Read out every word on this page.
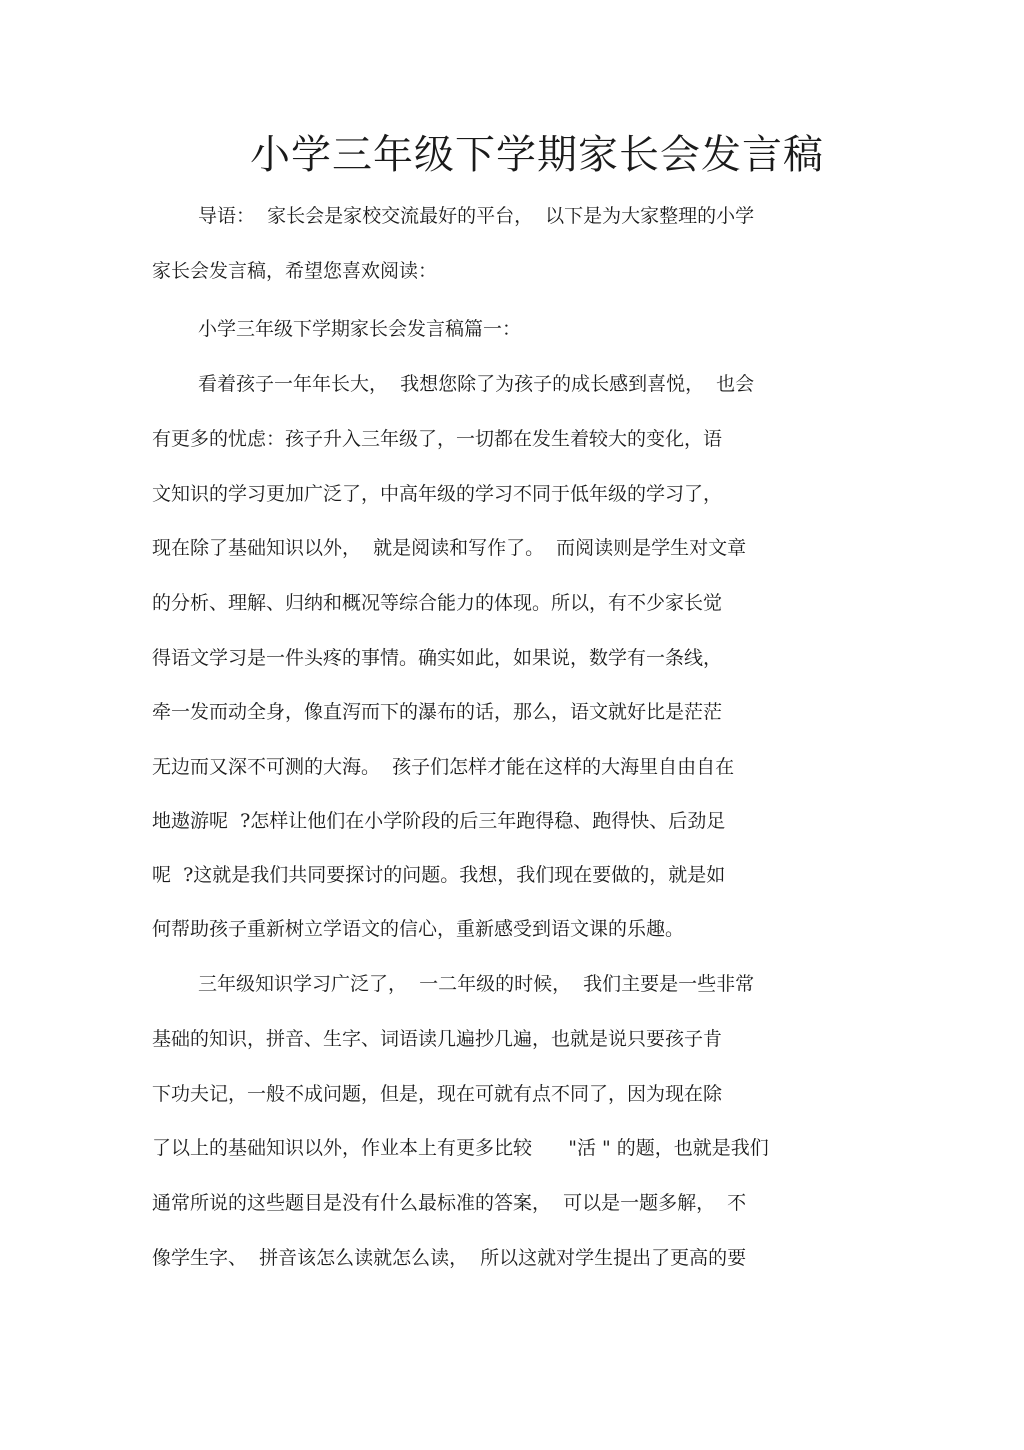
小学三年级下学期家长会发言稿

导语：  家长会是家校交流最好的平台，  以下是为大家整理的小学

家长会发言稿，希望您喜欢阅读：

小学三年级下学期家长会发言稿篇一：

看着孩子一年年长大，  我想您除了为孩子的成长感到喜悦，  也会

有更多的忧虑：孩子升入三年级了，一切都在发生着较大的变化，语

文知识的学习更加广泛了，中高年级的学习不同于低年级的学习了，

现在除了基础知识以外，  就是阅读和写作了。  而阅读则是学生对文章

的分析、理解、归纳和概况等综合能力的体现。所以，有不少家长觉

得语文学习是一件头疼的事情。确实如此，如果说，数学有一条线，

牵一发而动全身，像直泻而下的瀑布的话，那么，语文就好比是茫茫

无边而又深不可测的大海。  孩子们怎样才能在这样的大海里自由自在

地遨游呢  ?怎样让他们在小学阶段的后三年跑得稳、跑得快、后劲足

呢  ?这就是我们共同要探讨的问题。我想，我们现在要做的，就是如

何帮助孩子重新树立学语文的信心，重新感受到语文课的乐趣。

三年级知识学习广泛了，  一二年级的时候，  我们主要是一些非常

基础的知识，拼音、生字、词语读几遍抄几遍，也就是说只要孩子肯

下功夫记，一般不成问题，但是，现在可就有点不同了，因为现在除

了以上的基础知识以外，作业本上有更多比较      "活 " 的题，也就是我们

通常所说的这些题目是没有什么最标准的答案，  可以是一题多解，  不

像学生字、  拼音该怎么读就怎么读，  所以这就对学生提出了更高的要
